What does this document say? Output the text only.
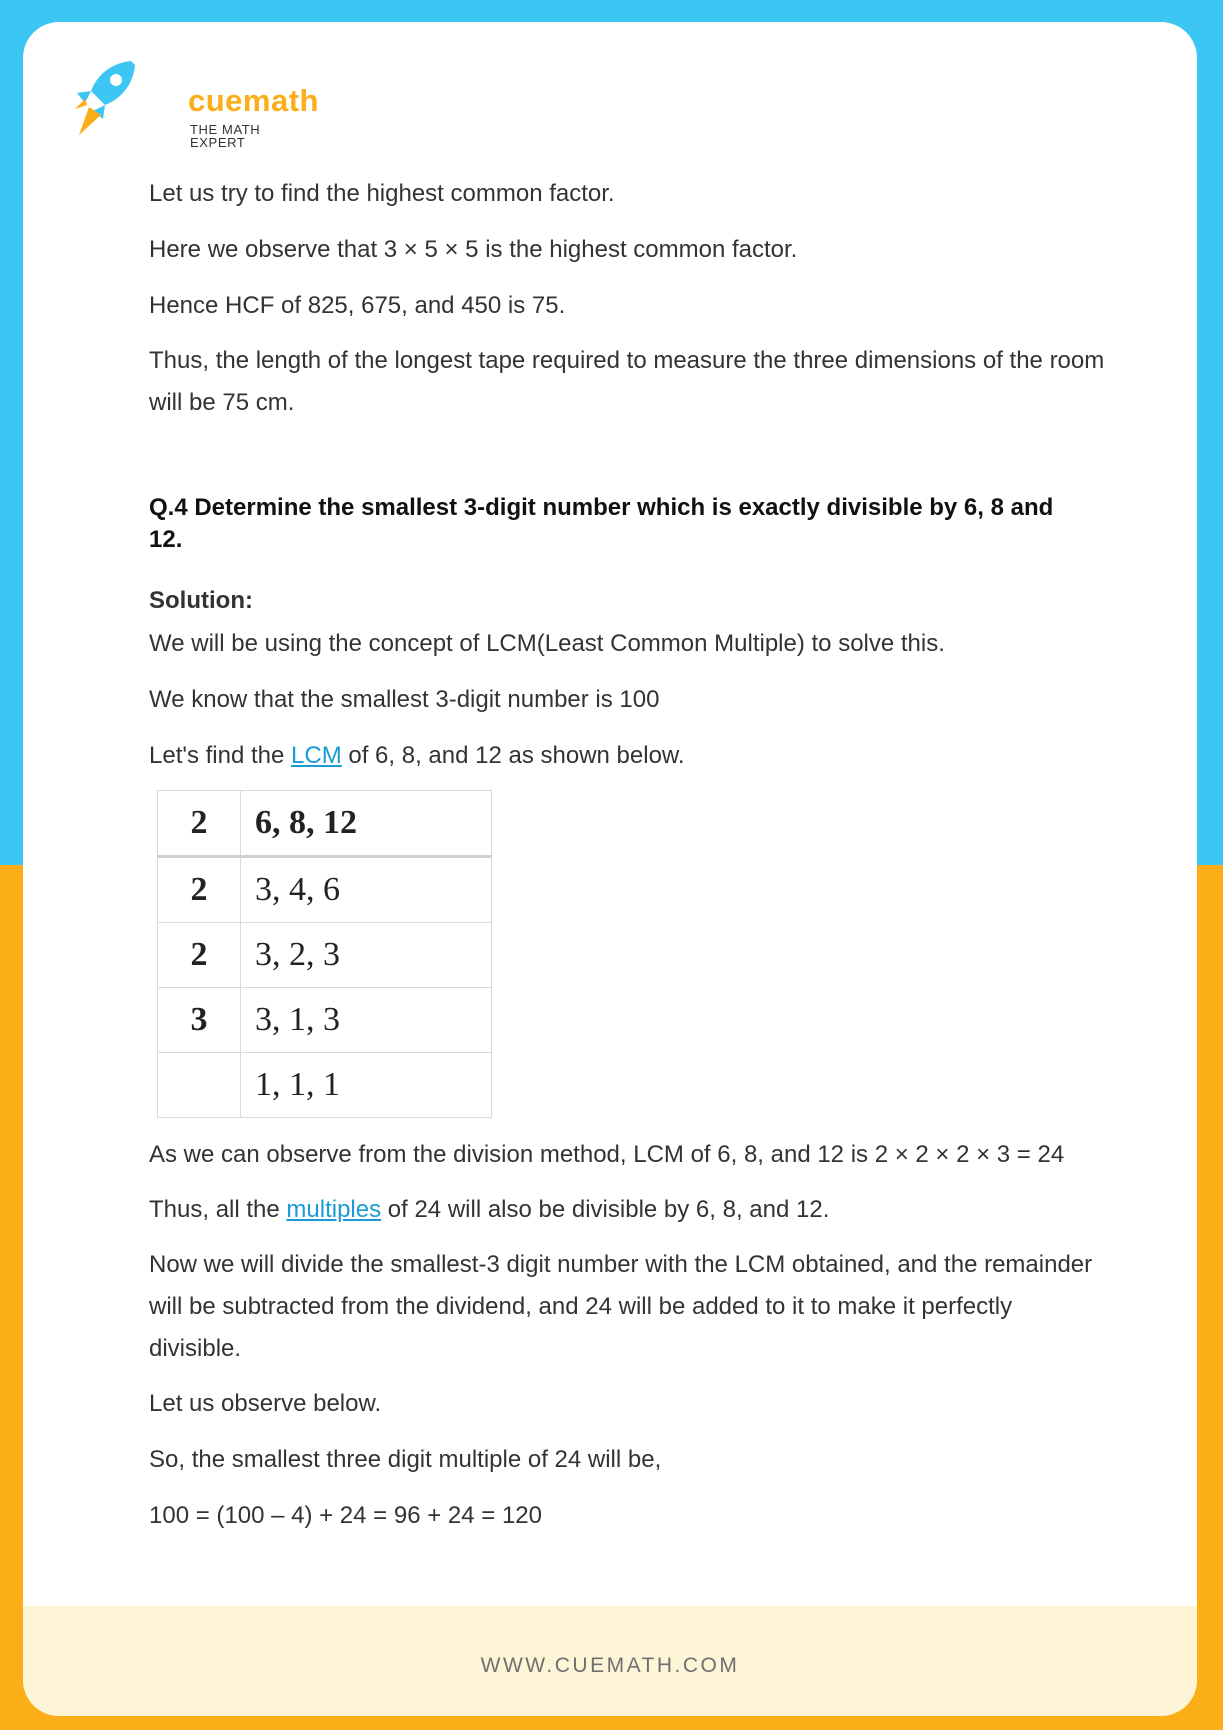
cuemath
THE MATH EXPERT

Let us try to find the highest common factor.

Here we observe that 3 × 5 × 5 is the highest common factor.

Hence HCF of 825, 675, and 450 is 75.

Thus, the length of the longest tape required to measure the three dimensions of the room will be 75 cm.

Q.4 Determine the smallest 3-digit number which is exactly divisible by 6, 8 and 12.

Solution:

We will be using the concept of LCM(Least Common Multiple) to solve this.

We know that the smallest 3-digit number is 100

Let's find the LCM of 6, 8, and 12 as shown below.

2	6, 8, 12
2	3, 4, 6
2	3, 2, 3
3	3, 1, 3
	1, 1, 1

As we can observe from the division method, LCM of 6, 8, and 12 is 2 × 2 × 2 × 3 = 24

Thus, all the multiples of 24 will also be divisible by 6, 8, and 12.

Now we will divide the smallest-3 digit number with the LCM obtained, and the remainder will be subtracted from the dividend, and 24 will be added to it to make it perfectly divisible.

Let us observe below.

So, the smallest three digit multiple of 24 will be,

100 = (100 – 4) + 24 = 96 + 24 = 120

WWW.CUEMATH.COM
